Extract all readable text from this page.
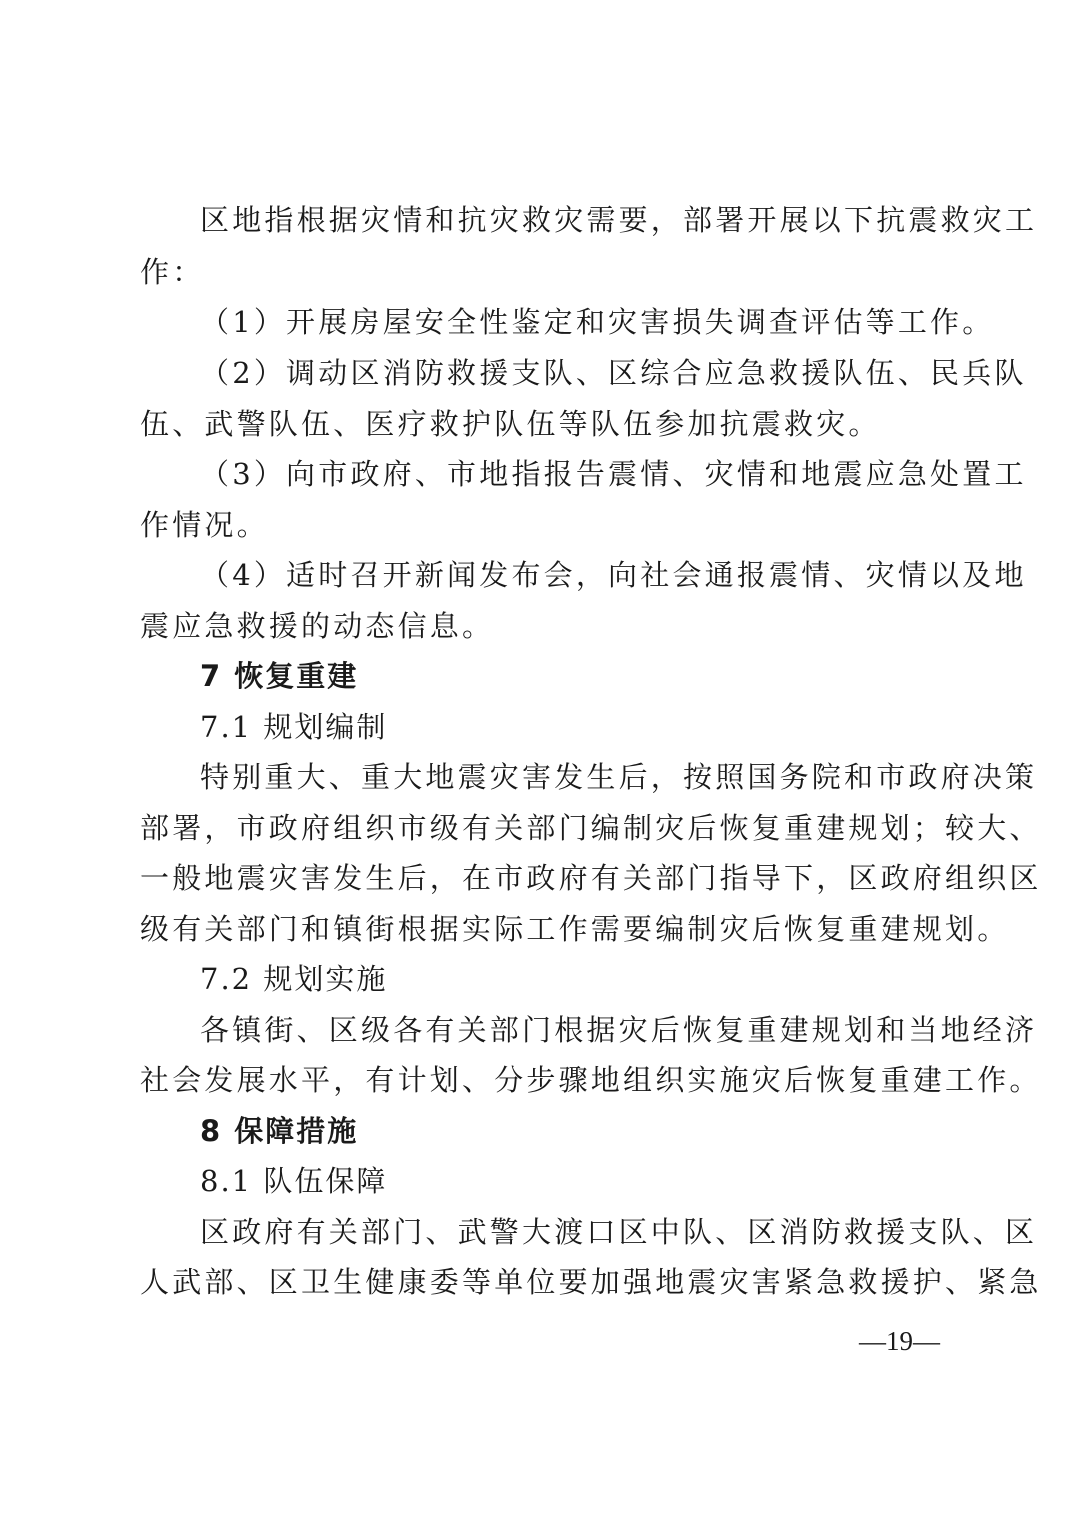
区地指根据灾情和抗灾救灾需要，部署开展以下抗震救灾工
作：
（1）开展房屋安全性鉴定和灾害损失调查评估等工作。
（2）调动区消防救援支队、区综合应急救援队伍、民兵队
伍、武警队伍、医疗救护队伍等队伍参加抗震救灾。
（3）向市政府、市地指报告震情、灾情和地震应急处置工
作情况。
（4）适时召开新闻发布会，向社会通报震情、灾情以及地
震应急救援的动态信息。
7 恢复重建
7.1 规划编制
特别重大、重大地震灾害发生后，按照国务院和市政府决策
部署，市政府组织市级有关部门编制灾后恢复重建规划；较大、
一般地震灾害发生后，在市政府有关部门指导下，区政府组织区
级有关部门和镇街根据实际工作需要编制灾后恢复重建规划。
7.2 规划实施
各镇街、区级各有关部门根据灾后恢复重建规划和当地经济
社会发展水平，有计划、分步骤地组织实施灾后恢复重建工作。
8 保障措施
8.1 队伍保障
区政府有关部门、武警大渡口区中队、区消防救援支队、区
人武部、区卫生健康委等单位要加强地震灾害紧急救援护、紧急
—19—
